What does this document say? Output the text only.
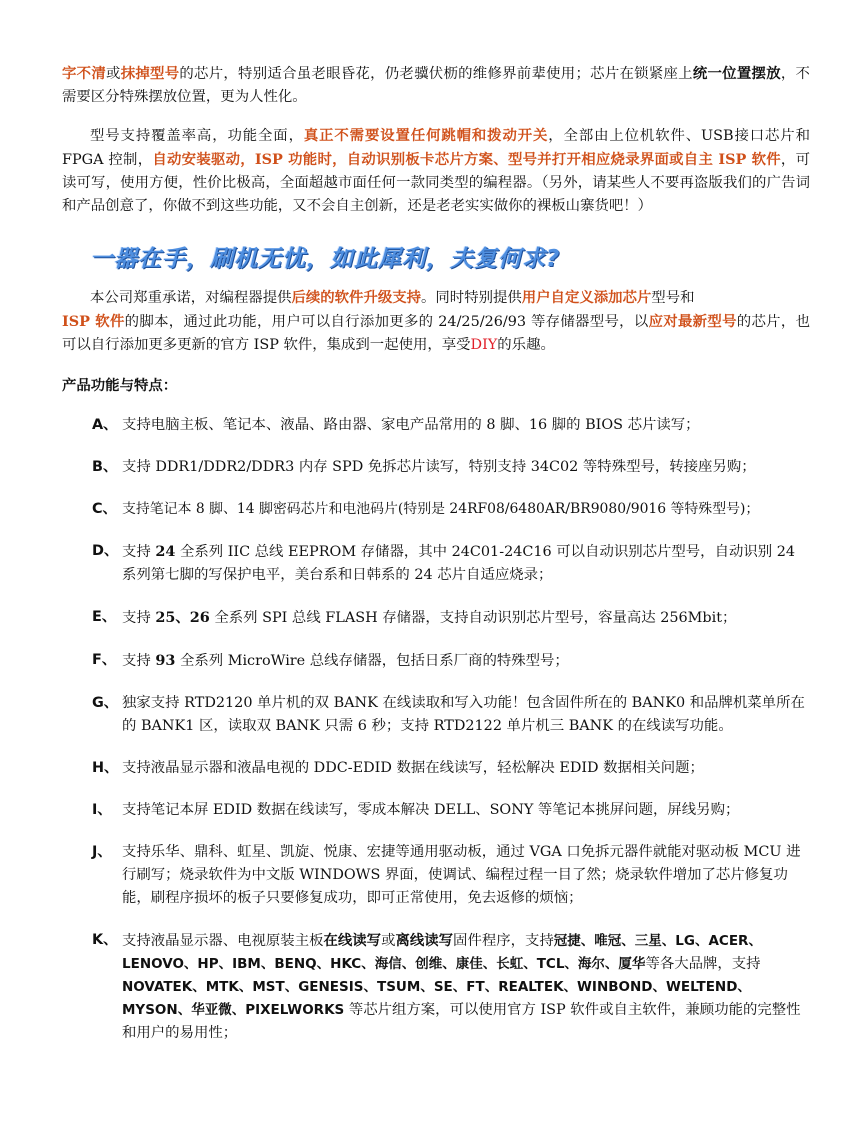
字不清或抹掉型号的芯片，特别适合虽老眼昏花，仍老骥伏枥的维修界前辈使用；芯片在锁紧座上统一位置摆放，不需要区分特殊摆放位置，更为人性化。

型号支持覆盖率高，功能全面，真正不需要设置任何跳帽和拨动开关，全部由上位机软件、USB接口芯片和 FPGA 控制，自动安装驱动，ISP 功能时，自动识别板卡芯片方案、型号并打开相应烧录界面或自主 ISP 软件，可读可写，使用方便，性价比极高，全面超越市面任何一款同类型的编程器。（另外，请某些人不要再盗版我们的广告词和产品创意了，你做不到这些功能，又不会自主创新，还是老老实实做你的裸板山寨货吧！）

一器在手，刷机无忧，如此犀利，夫复何求?

本公司郑重承诺，对编程器提供后续的软件升级支持。同时特别提供用户自定义添加芯片型号和
ISP 软件的脚本，通过此功能，用户可以自行添加更多的 24/25/26/93 等存储器型号，以应对最新型号的芯片，也可以自行添加更多更新的官方 ISP 软件，集成到一起使用，享受DIY的乐趣。

产品功能与特点：
A、 支持电脑主板、笔记本、液晶、路由器、家电产品常用的 8 脚、16 脚的 BIOS 芯片读写；
B、 支持 DDR1/DDR2/DDR3 内存 SPD 免拆芯片读写，特别支持 34C02 等特殊型号，转接座另购；
C、 支持笔记本 8 脚、14 脚密码芯片和电池码片(特别是 24RF08/6480AR/BR9080/9016 等特殊型号)；
D、 支持 24 全系列 IIC 总线 EEPROM 存储器，其中 24C01-24C16 可以自动识别芯片型号，自动识别 24 系列第七脚的写保护电平，美台系和日韩系的 24 芯片自适应烧录；
E、 支持 25、26 全系列 SPI 总线 FLASH 存储器，支持自动识别芯片型号，容量高达 256Mbit；
F、 支持 93 全系列 MicroWire 总线存储器，包括日系厂商的特殊型号；
G、 独家支持 RTD2120 单片机的双 BANK 在线读取和写入功能！包含固件所在的 BANK0 和品牌机菜单所在的 BANK1 区，读取双 BANK 只需 6 秒；支持 RTD2122 单片机三 BANK 的在线读写功能。
H、 支持液晶显示器和液晶电视的 DDC-EDID 数据在线读写，轻松解决 EDID 数据相关问题；
I、 支持笔记本屏 EDID 数据在线读写，零成本解决 DELL、SONY 等笔记本挑屏问题，屏线另购；
J、 支持乐华、鼎科、虹星、凯旋、悦康、宏捷等通用驱动板，通过 VGA 口免拆元器件就能对驱动板 MCU 进行刷写；烧录软件为中文版 WINDOWS 界面，使调试、编程过程一目了然；烧录软件增加了芯片修复功能，刷程序损坏的板子只要修复成功，即可正常使用，免去返修的烦恼；
K、 支持液晶显示器、电视原装主板在线读写或离线读写固件程序，支持冠捷、唯冠、三星、LG、ACER、LENOVO、HP、IBM、BENQ、HKC、海信、创维、康佳、长虹、TCL、海尔、厦华等各大品牌，支持 NOVATEK、MTK、MST、GENESIS、TSUM、SE、FT、REALTEK、WINBOND、WELTEND、MYSON、华亚微、PIXELWORKS 等芯片组方案，可以使用官方 ISP 软件或自主软件，兼顾功能的完整性和用户的易用性；
